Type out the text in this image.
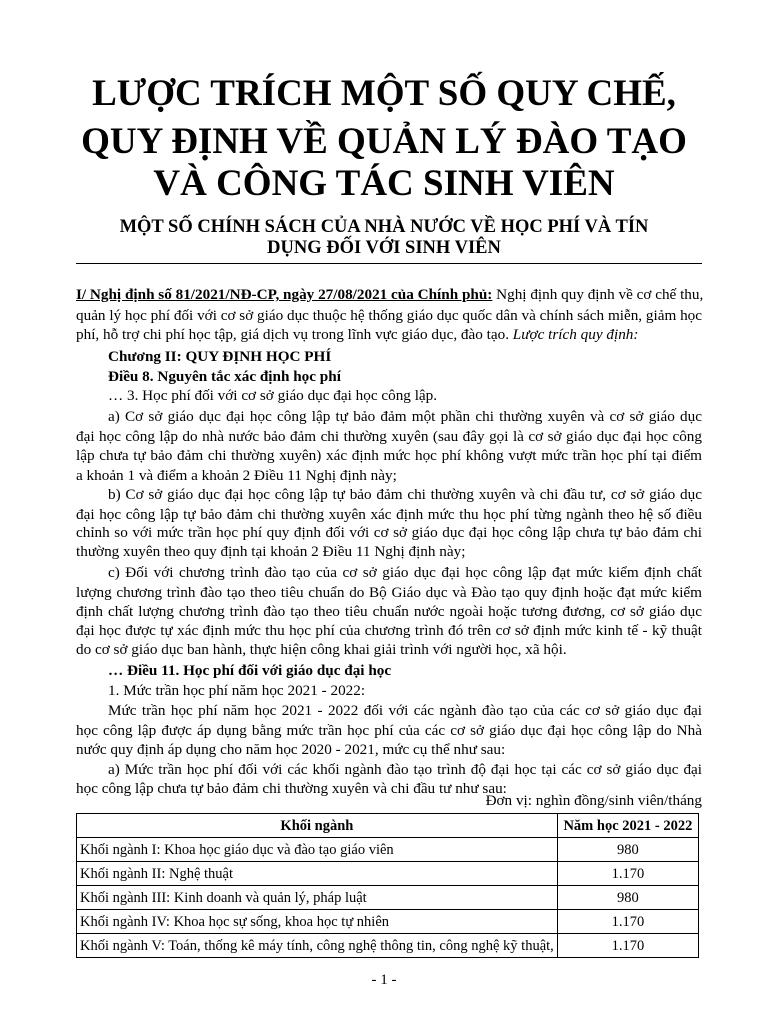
LƯỢC TRÍCH MỘT SỐ QUY CHẾ,
QUY ĐỊNH VỀ QUẢN LÝ ĐÀO TẠO
VÀ CÔNG TÁC SINH VIÊN
MỘT SỐ CHÍNH SÁCH CỦA NHÀ NƯỚC VỀ HỌC PHÍ VÀ TÍN
DỤNG ĐỐI VỚI SINH VIÊN
I/ Nghị định số 81/2021/NĐ-CP, ngày 27/08/2021 của Chính phủ: Nghị định quy định về cơ chế thu,
quản lý học phí đối với cơ sở giáo dục thuộc hệ thống giáo dục quốc dân và chính sách miễn, giảm học
phí, hỗ trợ chi phí học tập, giá dịch vụ trong lĩnh vực giáo dục, đào tạo. Lược trích quy định:
Chương II: QUY ĐỊNH HỌC PHÍ
Điều 8. Nguyên tắc xác định học phí
… 3. Học phí đối với cơ sở giáo dục đại học công lập.
a) Cơ sở giáo dục đại học công lập tự bảo đảm một phần chi thường xuyên và cơ sở giáo dục
đại học công lập do nhà nước bảo đảm chi thường xuyên (sau đây gọi là cơ sở giáo dục đại học công
lập chưa tự bảo đảm chi thường xuyên) xác định mức học phí không vượt mức trần học phí tại điểm
a khoản 1 và điểm a khoản 2 Điều 11 Nghị định này;
b) Cơ sở giáo dục đại học công lập tự bảo đảm chi thường xuyên và chi đầu tư, cơ sở giáo dục
đại học công lập tự bảo đảm chi thường xuyên xác định mức thu học phí từng ngành theo hệ số điều
chỉnh so với mức trần học phí quy định đối với cơ sở giáo dục đại học công lập chưa tự bảo đảm chi
thường xuyên theo quy định tại khoản 2 Điều 11 Nghị định này;
c) Đối với chương trình đào tạo của cơ sở giáo dục đại học công lập đạt mức kiểm định chất
lượng chương trình đào tạo theo tiêu chuẩn do Bộ Giáo dục và Đào tạo quy định hoặc đạt mức kiểm
định chất lượng chương trình đào tạo theo tiêu chuẩn nước ngoài hoặc tương đương, cơ sở giáo dục
đại học được tự xác định mức thu học phí của chương trình đó trên cơ sở định mức kinh tế - kỹ thuật
do cơ sở giáo dục ban hành, thực hiện công khai giải trình với người học, xã hội.
… Điều 11. Học phí đối với giáo dục đại học
1. Mức trần học phí năm học 2021 - 2022:
Mức trần học phí năm học 2021 - 2022 đối với các ngành đào tạo của các cơ sở giáo dục đại
học công lập được áp dụng bằng mức trần học phí của các cơ sở giáo dục đại học công lập do Nhà
nước quy định áp dụng cho năm học 2020 - 2021, mức cụ thể như sau:
a) Mức trần học phí đối với các khối ngành đào tạo trình độ đại học tại các cơ sở giáo dục đại
học công lập chưa tự bảo đảm chi thường xuyên và chi đầu tư như sau:
Đơn vị: nghìn đồng/sinh viên/tháng
Khối ngành	Năm học 2021 - 2022
Khối ngành I: Khoa học giáo dục và đào tạo giáo viên	980
Khối ngành II: Nghệ thuật	1.170
Khối ngành III: Kinh doanh và quản lý, pháp luật	980
Khối ngành IV: Khoa học sự sống, khoa học tự nhiên	1.170
Khối ngành V: Toán, thống kê máy tính, công nghệ thông tin, công nghệ kỹ thuật,	1.170
- 1 -
